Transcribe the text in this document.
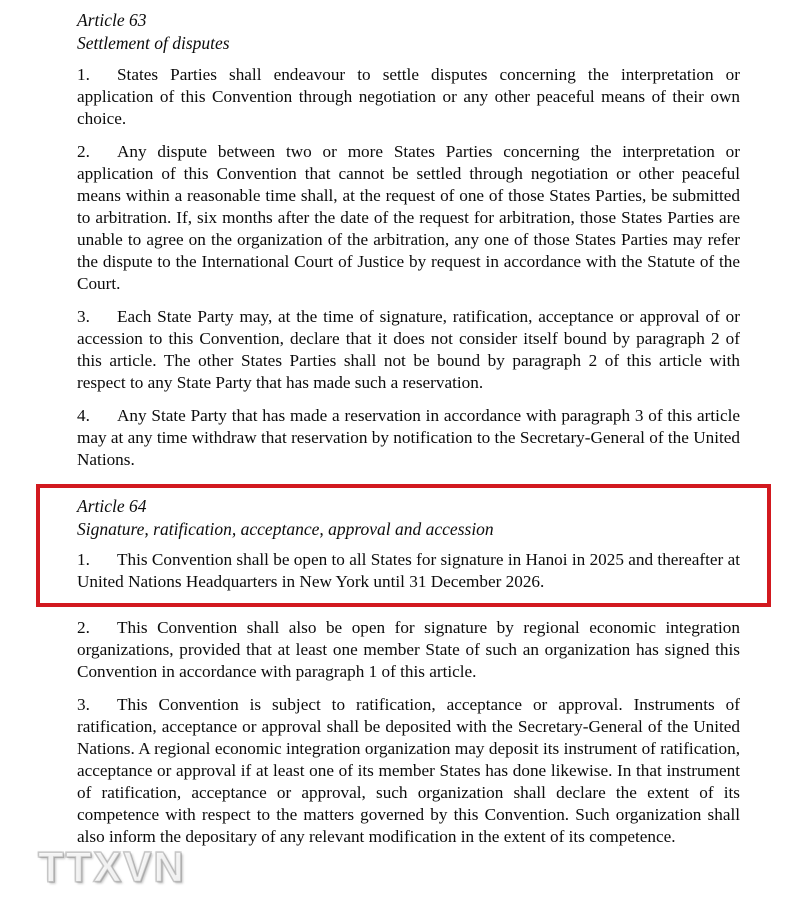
Article 63
Settlement of disputes

1. States Parties shall endeavour to settle disputes concerning the interpretation or application of this Convention through negotiation or any other peaceful means of their own choice.

2. Any dispute between two or more States Parties concerning the interpretation or application of this Convention that cannot be settled through negotiation or other peaceful means within a reasonable time shall, at the request of one of those States Parties, be submitted to arbitration. If, six months after the date of the request for arbitration, those States Parties are unable to agree on the organization of the arbitration, any one of those States Parties may refer the dispute to the International Court of Justice by request in accordance with the Statute of the Court.

3. Each State Party may, at the time of signature, ratification, acceptance or approval of or accession to this Convention, declare that it does not consider itself bound by paragraph 2 of this article. The other States Parties shall not be bound by paragraph 2 of this article with respect to any State Party that has made such a reservation.

4. Any State Party that has made a reservation in accordance with paragraph 3 of this article may at any time withdraw that reservation by notification to the Secretary-General of the United Nations.

Article 64
Signature, ratification, acceptance, approval and accession

1. This Convention shall be open to all States for signature in Hanoi in 2025 and thereafter at United Nations Headquarters in New York until 31 December 2026.

2. This Convention shall also be open for signature by regional economic integration organizations, provided that at least one member State of such an organization has signed this Convention in accordance with paragraph 1 of this article.

3. This Convention is subject to ratification, acceptance or approval. Instruments of ratification, acceptance or approval shall be deposited with the Secretary-General of the United Nations. A regional economic integration organization may deposit its instrument of ratification, acceptance or approval if at least one of its member States has done likewise. In that instrument of ratification, acceptance or approval, such organization shall declare the extent of its competence with respect to the matters governed by this Convention. Such organization shall also inform the depositary of any relevant modification in the extent of its competence.

TTXVN
